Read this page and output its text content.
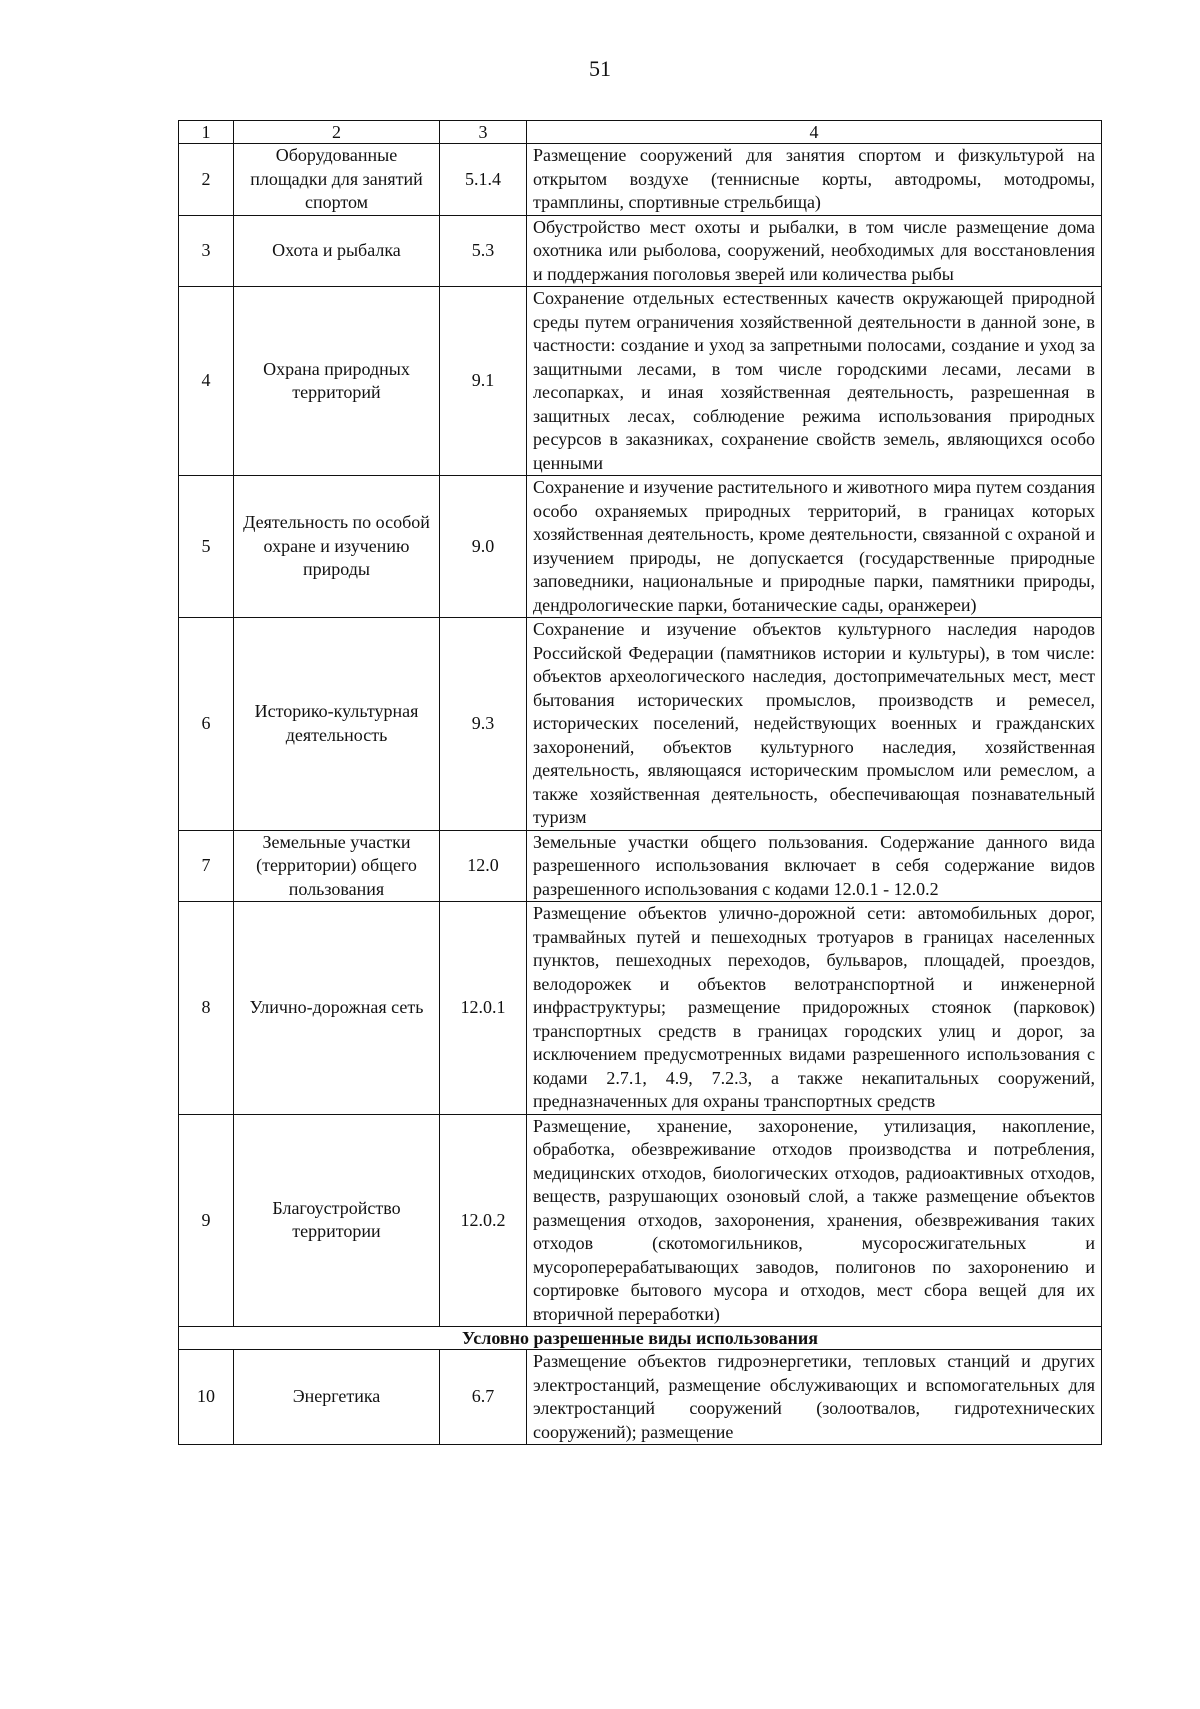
51
1	2	3	4
2	Оборудованные площадки для занятий спортом	5.1.4	Размещение сооружений для занятия спортом и физкультурой на открытом воздухе (теннисные корты, автодромы, мотодромы, трамплины, спортивные стрельбища)
3	Охота и рыбалка	5.3	Обустройство мест охоты и рыбалки, в том числе размещение дома охотника или рыболова, сооружений, необходимых для восстановления и поддержания поголовья зверей или количества рыбы
4	Охрана природных территорий	9.1	Сохранение отдельных естественных качеств окружающей природной среды путем ограничения хозяйственной деятельности в данной зоне, в частности: создание и уход за запретными полосами, создание и уход за защитными лесами, в том числе городскими лесами, лесами в лесопарках, и иная хозяйственная деятельность, разрешенная в защитных лесах, соблюдение режима использования природных ресурсов в заказниках, сохранение свойств земель, являющихся особо ценными
5	Деятельность по особой охране и изучению природы	9.0	Сохранение и изучение растительного и животного мира путем создания особо охраняемых природных территорий, в границах которых хозяйственная деятельность, кроме деятельности, связанной с охраной и изучением природы, не допускается (государственные природные заповедники, национальные и природные парки, памятники природы, дендрологические парки, ботанические сады, оранжереи)
6	Историко-культурная деятельность	9.3	Сохранение и изучение объектов культурного наследия народов Российской Федерации (памятников истории и культуры), в том числе: объектов археологического наследия, достопримечательных мест, мест бытования исторических промыслов, производств и ремесел, исторических поселений, недействующих военных и гражданских захоронений, объектов культурного наследия, хозяйственная деятельность, являющаяся историческим промыслом или ремеслом, а также хозяйственная деятельность, обеспечивающая познавательный туризм
7	Земельные участки (территории) общего пользования	12.0	Земельные участки общего пользования. Содержание данного вида разрешенного использования включает в себя содержание видов разрешенного использования с кодами 12.0.1 - 12.0.2
8	Улично-дорожная сеть	12.0.1	Размещение объектов улично-дорожной сети: автомобильных дорог, трамвайных путей и пешеходных тротуаров в границах населенных пунктов, пешеходных переходов, бульваров, площадей, проездов, велодорожек и объектов велотранспортной и инженерной инфраструктуры; размещение придорожных стоянок (парковок) транспортных средств в границах городских улиц и дорог, за исключением предусмотренных видами разрешенного использования с кодами 2.7.1, 4.9, 7.2.3, а также некапитальных сооружений, предназначенных для охраны транспортных средств
9	Благоустройство территории	12.0.2	Размещение, хранение, захоронение, утилизация, накопление, обработка, обезвреживание отходов производства и потребления, медицинских отходов, биологических отходов, радиоактивных отходов, веществ, разрушающих озоновый слой, а также размещение объектов размещения отходов, захоронения, хранения, обезвреживания таких отходов (скотомогильников, мусоросжигательных и мусороперерабатывающих заводов, полигонов по захоронению и сортировке бытового мусора и отходов, мест сбора вещей для их вторичной переработки)
Условно разрешенные виды использования			
10	Энергетика	6.7	Размещение объектов гидроэнергетики, тепловых станций и других электростанций, размещение обслуживающих и вспомогательных для электростанций сооружений (золоотвалов, гидротехнических сооружений); размещение
